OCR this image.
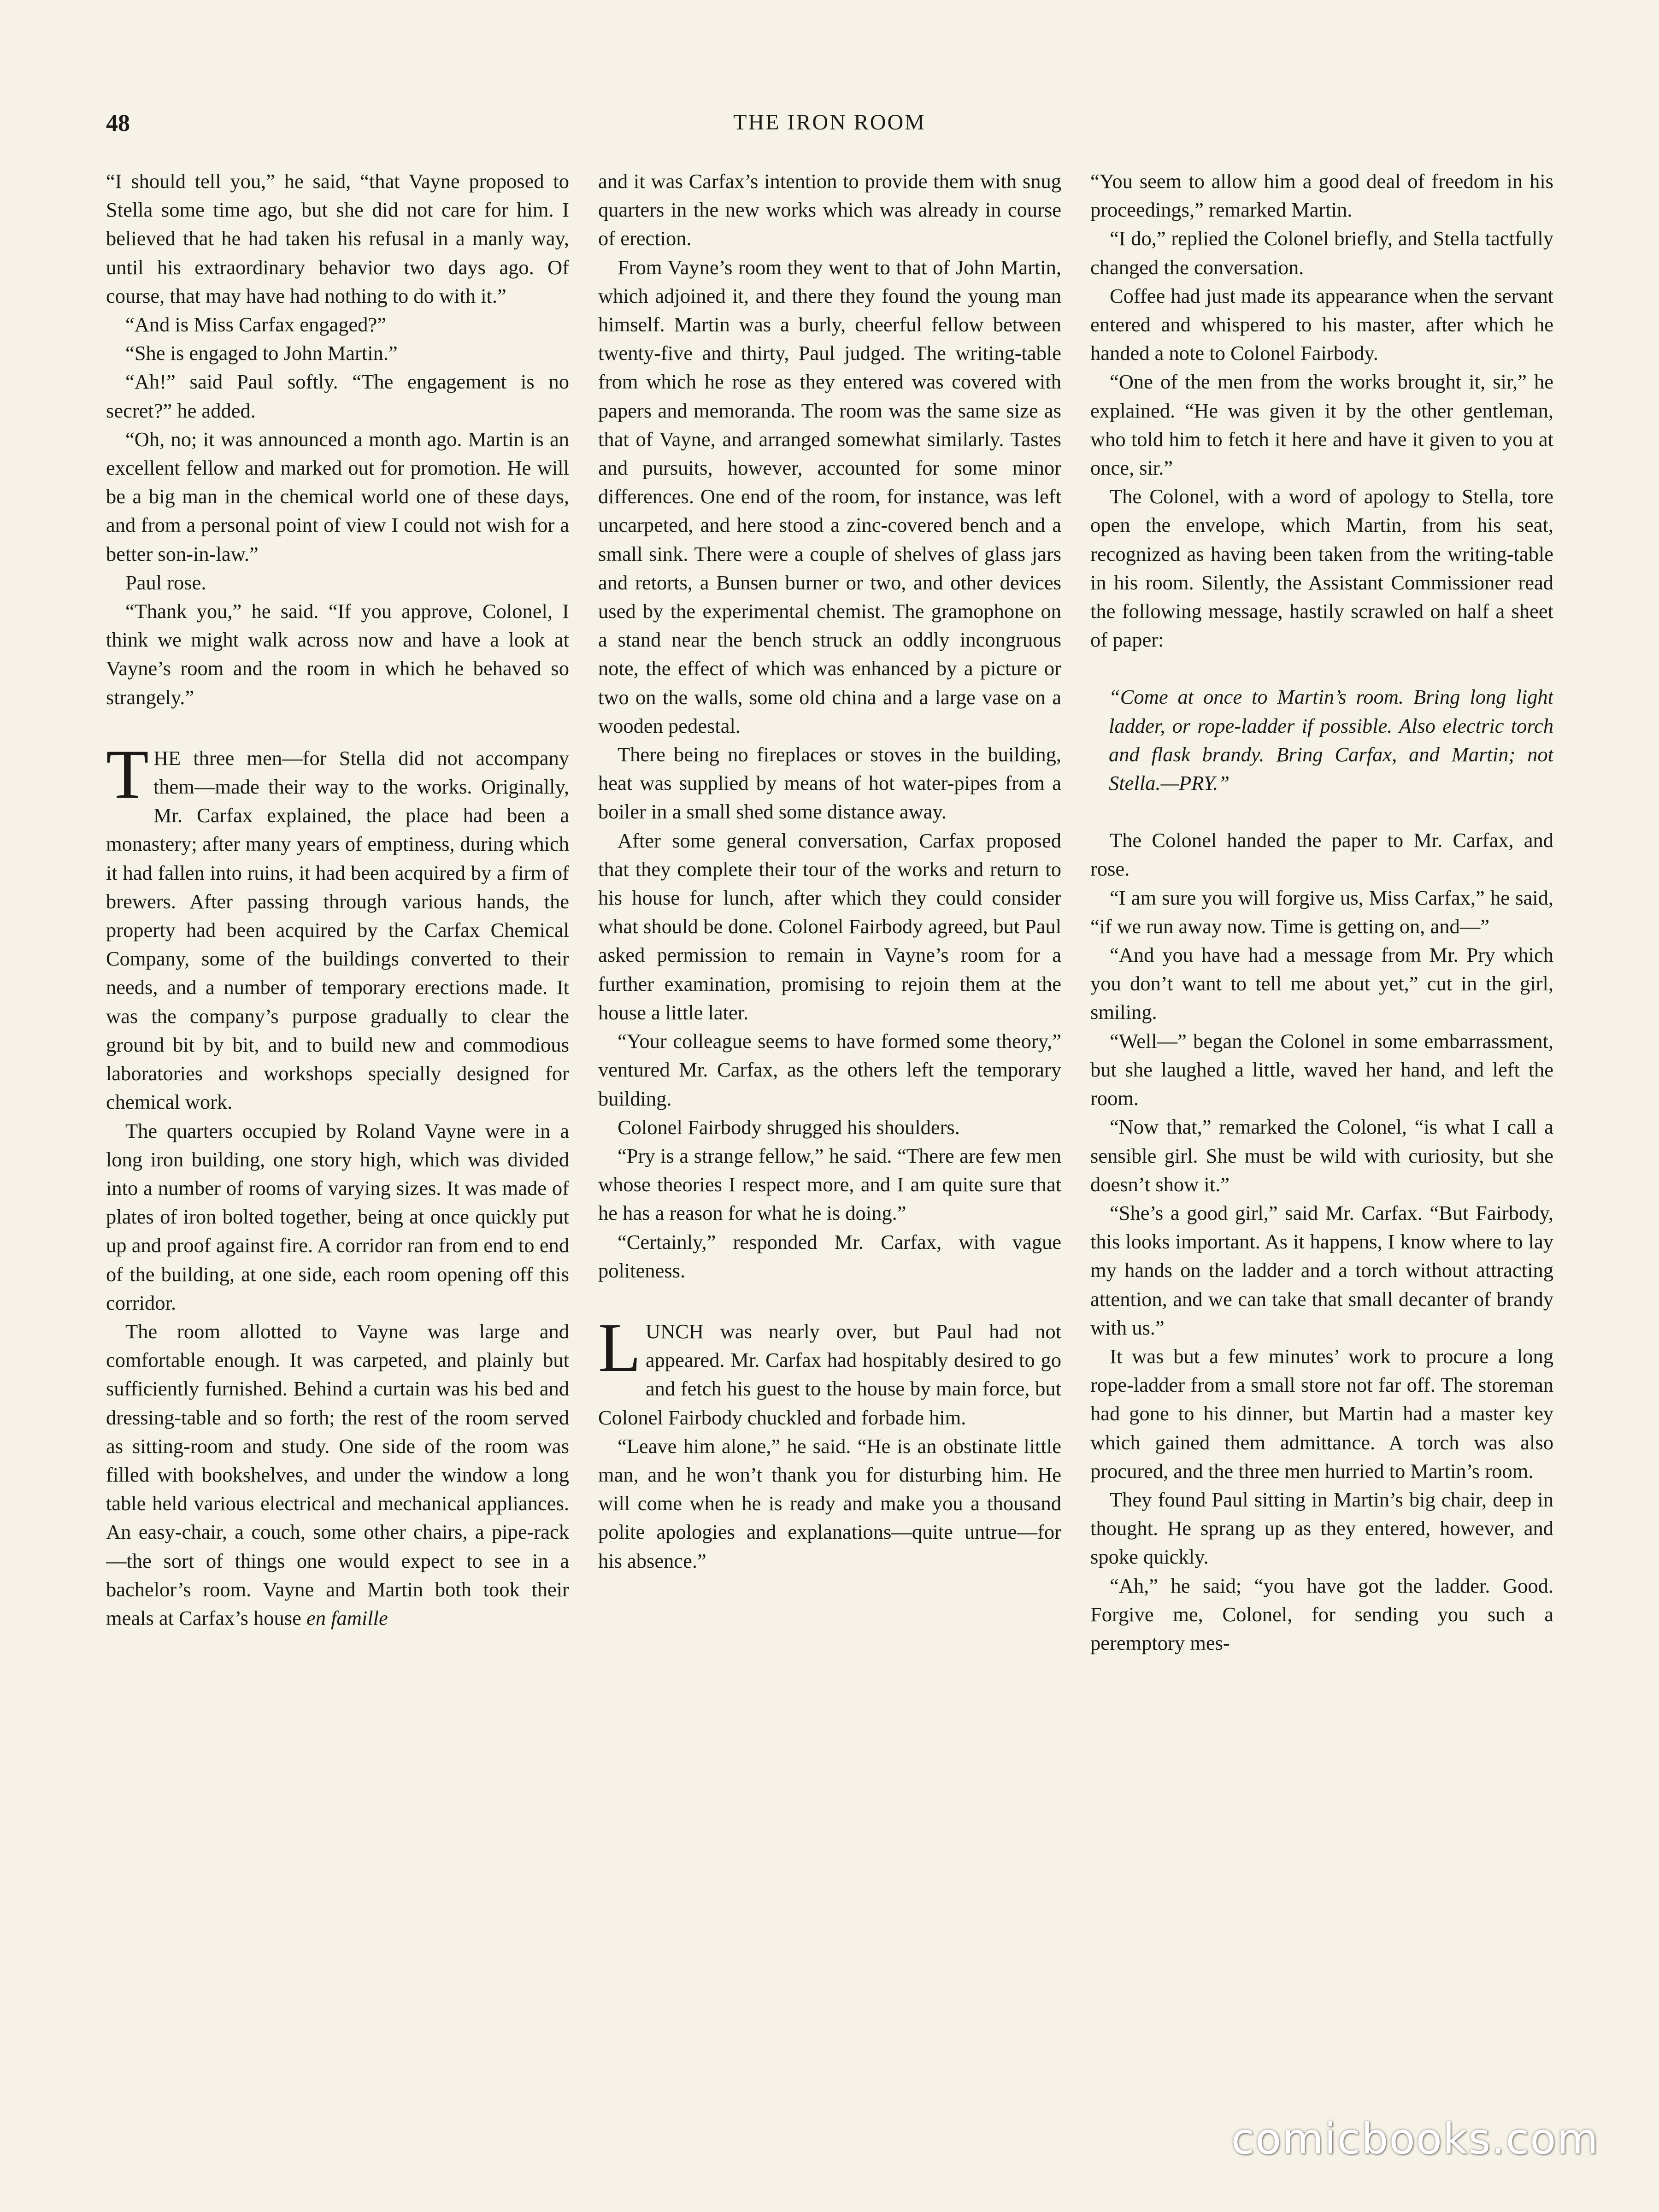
48	THE IRON ROOM

“I should tell you,” he said, “that Vayne proposed to Stella some time ago, but she did not care for him. I believed that he had taken his refusal in a manly way, until his extraordinary behavior two days ago. Of course, that may have had nothing to do with it.”

“And is Miss Carfax engaged?”

“She is engaged to John Martin.”

“Ah!” said Paul softly. “The engagement is no secret?” he added.

“Oh, no; it was announced a month ago. Martin is an excellent fellow and marked out for promotion. He will be a big man in the chemical world one of these days, and from a personal point of view I could not wish for a better son-in-law.”

Paul rose.

“Thank you,” he said. “If you approve, Colonel, I think we might walk across now and have a look at Vayne’s room and the room in which he behaved so strangely.”

THE three men—for Stella did not accompany them—made their way to the works. Originally, Mr. Carfax explained, the place had been a monastery; after many years of emptiness, during which it had fallen into ruins, it had been acquired by a firm of brewers. After passing through various hands, the property had been acquired by the Carfax Chemical Company, some of the buildings converted to their needs, and a number of temporary erections made. It was the company’s purpose gradually to clear the ground bit by bit, and to build new and commodious laboratories and workshops specially designed for chemical work.

The quarters occupied by Roland Vayne were in a long iron building, one story high, which was divided into a number of rooms of varying sizes. It was made of plates of iron bolted together, being at once quickly put up and proof against fire. A corridor ran from end to end of the building, at one side, each room opening off this corridor.

The room allotted to Vayne was large and comfortable enough. It was carpeted, and plainly but sufficiently furnished. Behind a curtain was his bed and dressing-table and so forth; the rest of the room served as sitting-room and study. One side of the room was filled with bookshelves, and under the window a long table held various electrical and mechanical appliances. An easy-chair, a couch, some other chairs, a pipe-rack—the sort of things one would expect to see in a bachelor’s room. Vayne and Martin both took their meals at Carfax’s house en famille

and it was Carfax’s intention to provide them with snug quarters in the new works which was already in course of erection.

From Vayne’s room they went to that of John Martin, which adjoined it, and there they found the young man himself. Martin was a burly, cheerful fellow between twenty-five and thirty, Paul judged. The writing-table from which he rose as they entered was covered with papers and memoranda. The room was the same size as that of Vayne, and arranged somewhat similarly. Tastes and pursuits, however, accounted for some minor differences. One end of the room, for instance, was left uncarpeted, and here stood a zinc-covered bench and a small sink. There were a couple of shelves of glass jars and retorts, a Bunsen burner or two, and other devices used by the experimental chemist. The gramophone on a stand near the bench struck an oddly incongruous note, the effect of which was enhanced by a picture or two on the walls, some old china and a large vase on a wooden pedestal.

There being no fireplaces or stoves in the building, heat was supplied by means of hot water-pipes from a boiler in a small shed some distance away.

After some general conversation, Carfax proposed that they complete their tour of the works and return to his house for lunch, after which they could consider what should be done. Colonel Fairbody agreed, but Paul asked permission to remain in Vayne’s room for a further examination, promising to rejoin them at the house a little later.

“Your colleague seems to have formed some theory,” ventured Mr. Carfax, as the others left the temporary building.

Colonel Fairbody shrugged his shoulders.

“Pry is a strange fellow,” he said. “There are few men whose theories I respect more, and I am quite sure that he has a reason for what he is doing.”

“Certainly,” responded Mr. Carfax, with vague politeness.

LUNCH was nearly over, but Paul had not appeared. Mr. Carfax had hospitably desired to go and fetch his guest to the house by main force, but Colonel Fairbody chuckled and forbade him.

“Leave him alone,” he said. “He is an obstinate little man, and he won’t thank you for disturbing him. He will come when he is ready and make you a thousand polite apologies and explanations—quite untrue—for his absence.”

“You seem to allow him a good deal of freedom in his proceedings,” remarked Martin.

“I do,” replied the Colonel briefly, and Stella tactfully changed the conversation.

Coffee had just made its appearance when the servant entered and whispered to his master, after which he handed a note to Colonel Fairbody.

“One of the men from the works brought it, sir,” he explained. “He was given it by the other gentleman, who told him to fetch it here and have it given to you at once, sir.”

The Colonel, with a word of apology to Stella, tore open the envelope, which Martin, from his seat, recognized as having been taken from the writing-table in his room. Silently, the Assistant Commissioner read the following message, hastily scrawled on half a sheet of paper:

“Come at once to Martin’s room. Bring long light ladder, or rope-ladder if possible. Also electric torch and flask brandy. Bring Carfax, and Martin; not Stella.—PRY.”

The Colonel handed the paper to Mr. Carfax, and rose.

“I am sure you will forgive us, Miss Carfax,” he said, “if we run away now. Time is getting on, and—”

“And you have had a message from Mr. Pry which you don’t want to tell me about yet,” cut in the girl, smiling.

“Well—” began the Colonel in some embarrassment, but she laughed a little, waved her hand, and left the room.

“Now that,” remarked the Colonel, “is what I call a sensible girl. She must be wild with curiosity, but she doesn’t show it.”

“She’s a good girl,” said Mr. Carfax. “But Fairbody, this looks important. As it happens, I know where to lay my hands on the ladder and a torch without attracting attention, and we can take that small decanter of brandy with us.”

It was but a few minutes’ work to procure a long rope-ladder from a small store not far off. The storeman had gone to his dinner, but Martin had a master key which gained them admittance. A torch was also procured, and the three men hurried to Martin’s room.

They found Paul sitting in Martin’s big chair, deep in thought. He sprang up as they entered, however, and spoke quickly.

“Ah,” he said; “you have got the ladder. Good. Forgive me, Colonel, for sending you such a peremptory mes-

comicbooks.com
